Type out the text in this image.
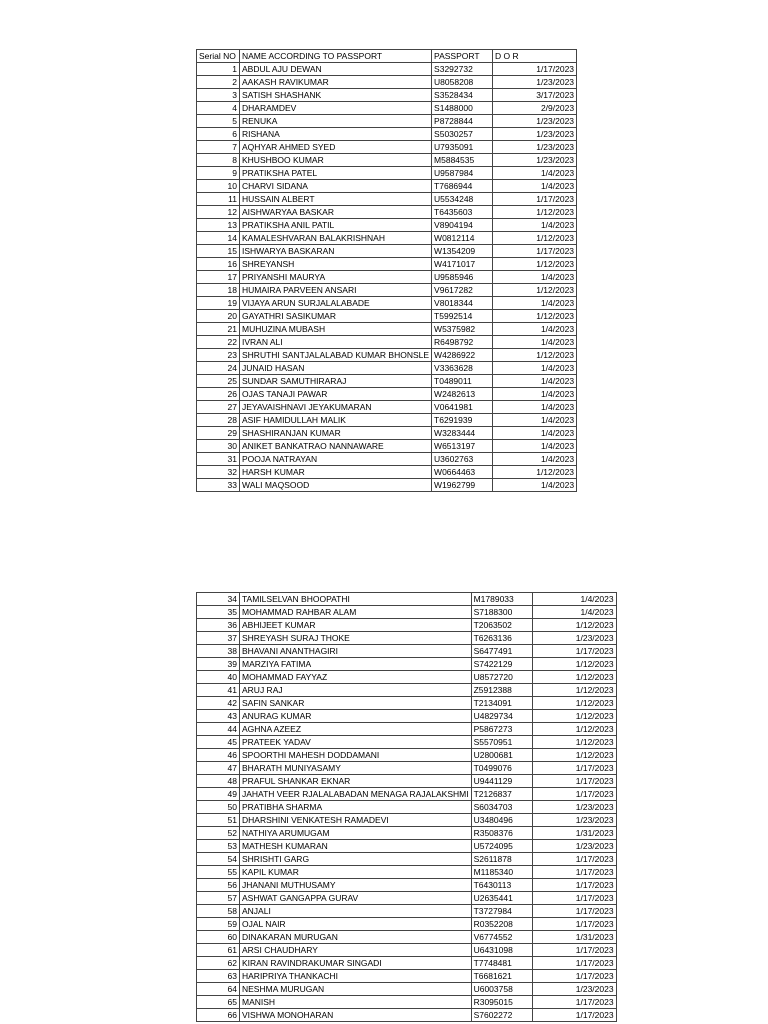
Serial NO	NAME ACCORDING TO PASSPORT	PASSPORT	D O R
1	ABDUL AJU DEWAN	S3292732	1/17/2023
2	AAKASH RAVIKUMAR	U8058208	1/23/2023
3	SATISH SHASHANK	S3528434	3/17/2023
4	DHARAMDEV	S1488000	2/9/2023
5	RENUKA	P8728844	1/23/2023
6	RISHANA	S5030257	1/23/2023
7	AQHYAR AHMED SYED	U7935091	1/23/2023
8	KHUSHBOO KUMAR	M5884535	1/23/2023
9	PRATIKSHA PATEL	U9587984	1/4/2023
10	CHARVI SIDANA	T7686944	1/4/2023
11	HUSSAIN ALBERT	U5534248	1/17/2023
12	AISHWARYAA BASKAR	T6435603	1/12/2023
13	PRATIKSHA ANIL PATIL	V8904194	1/4/2023
14	KAMALESHVARAN BALAKRISHNAH	W0812114	1/12/2023
15	ISHWARYA BASKARAN	W1354209	1/17/2023
16	SHREYANSH	W4171017	1/12/2023
17	PRIYANSHI MAURYA	U9585946	1/4/2023
18	HUMAIRA PARVEEN ANSARI	V9617282	1/12/2023
19	VIJAYA ARUN SURJALALABADE	V8018344	1/4/2023
20	GAYATHRI SASIKUMAR	T5992514	1/12/2023
21	MUHUZINA MUBASH	W5375982	1/4/2023
22	IVRAN ALI	R6498792	1/4/2023
23	SHRUTHI SANTJALALABAD KUMAR BHONSLE	W4286922	1/12/2023
24	JUNAID HASAN	V3363628	1/4/2023
25	SUNDAR SAMUTHIRARAJ	T0489011	1/4/2023
26	OJAS TANAJI PAWAR	W2482613	1/4/2023
27	JEYAVAISHNAVI JEYAKUMARAN	V0641981	1/4/2023
28	ASIF HAMIDULLAH MALIK	T6291939	1/4/2023
29	SHASHIRANJAN KUMAR	W3283444	1/4/2023
30	ANIKET BANKATRAO NANNAWARE	W6513197	1/4/2023
31	POOJA NATRAYAN	U3602763	1/4/2023
32	HARSH KUMAR	W0664463	1/12/2023
33	WALI MAQSOOD	W1962799	1/4/2023
34	TAMILSELVAN BHOOPATHI	M1789033	1/4/2023
35	MOHAMMAD RAHBAR ALAM	S7188300	1/4/2023
36	ABHIJEET KUMAR	T2063502	1/12/2023
37	SHREYASH SURAJ THOKE	T6263136	1/23/2023
38	BHAVANI ANANTHAGIRI	S6477491	1/17/2023
39	MARZIYA FATIMA	S7422129	1/12/2023
40	MOHAMMAD FAYYAZ	U8572720	1/12/2023
41	ARUJ RAJ	Z5912388	1/12/2023
42	SAFIN SANKAR	T2134091	1/12/2023
43	ANURAG KUMAR	U4829734	1/12/2023
44	AGHNA AZEEZ	P5867273	1/12/2023
45	PRATEEK YADAV	S5570951	1/12/2023
46	SPOORTHI MAHESH DODDAMANI	U2800681	1/12/2023
47	BHARATH MUNIYASAMY	T0499076	1/17/2023
48	PRAFUL SHANKAR EKNAR	U9441129	1/17/2023
49	JAHATH VEER RJALALABADAN MENAGA RAJALAKSHMI	T2126837	1/17/2023
50	PRATIBHA SHARMA	S6034703	1/23/2023
51	DHARSHINI VENKATESH RAMADEVI	U3480496	1/23/2023
52	NATHIYA ARUMUGAM	R3508376	1/31/2023
53	MATHESH KUMARAN	U5724095	1/23/2023
54	SHRISHTI GARG	S2611878	1/17/2023
55	KAPIL KUMAR	M1185340	1/17/2023
56	JHANANI MUTHUSAMY	T6430113	1/17/2023
57	ASHWAT GANGAPPA GURAV	U2635441	1/17/2023
58	ANJALI	T3727984	1/17/2023
59	OJAL NAIR	R0352208	1/17/2023
60	DINAKARAN MURUGAN	V6774552	1/31/2023
61	ARSI CHAUDHARY	U6431098	1/17/2023
62	KIRAN RAVINDRAKUMAR SINGADI	T7748481	1/17/2023
63	HARIPRIYA THANKACHI	T6681621	1/17/2023
64	NESHMA MURUGAN	U6003758	1/23/2023
65	MANISH	R3095015	1/17/2023
66	VISHWA MONOHARAN	S7602272	1/17/2023
